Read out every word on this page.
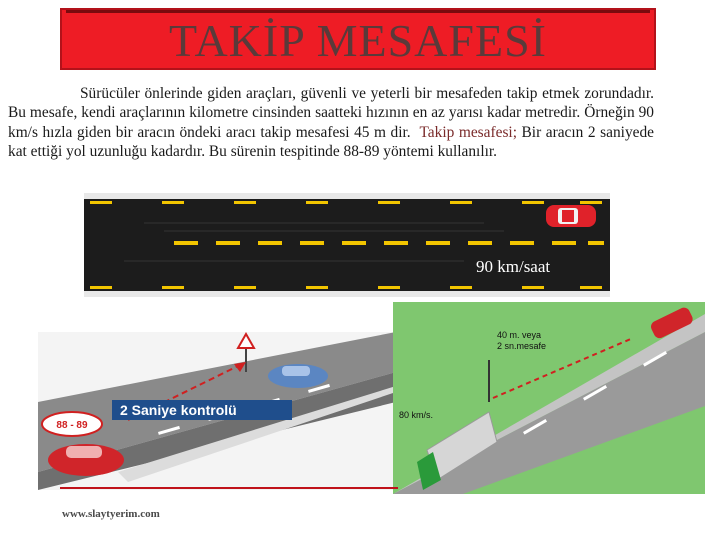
TAKİP MESAFESİ
Sürücüler önlerinde giden araçları, güvenli ve yeterli bir mesafeden takip etmek zorundadır. Bu mesafe, kendi araçlarının kilometre cinsinden saatteki hızının en az yarısı kadar metredir. Örneğin 90 km/s hızla giden bir aracın öndeki aracı takip mesafesi 45 m dir. Takip mesafesi; Bir aracın 2 saniyede kat ettiği yol uzunluğu kadardır. Bu sürenin tespitinde 88-89 yöntemi kullanılır.
90 km/saat
88 - 89
2 Saniye kontrolü
40 m. veya
2 sn.mesafe
80 km/s.
www.slaytyerim.com
